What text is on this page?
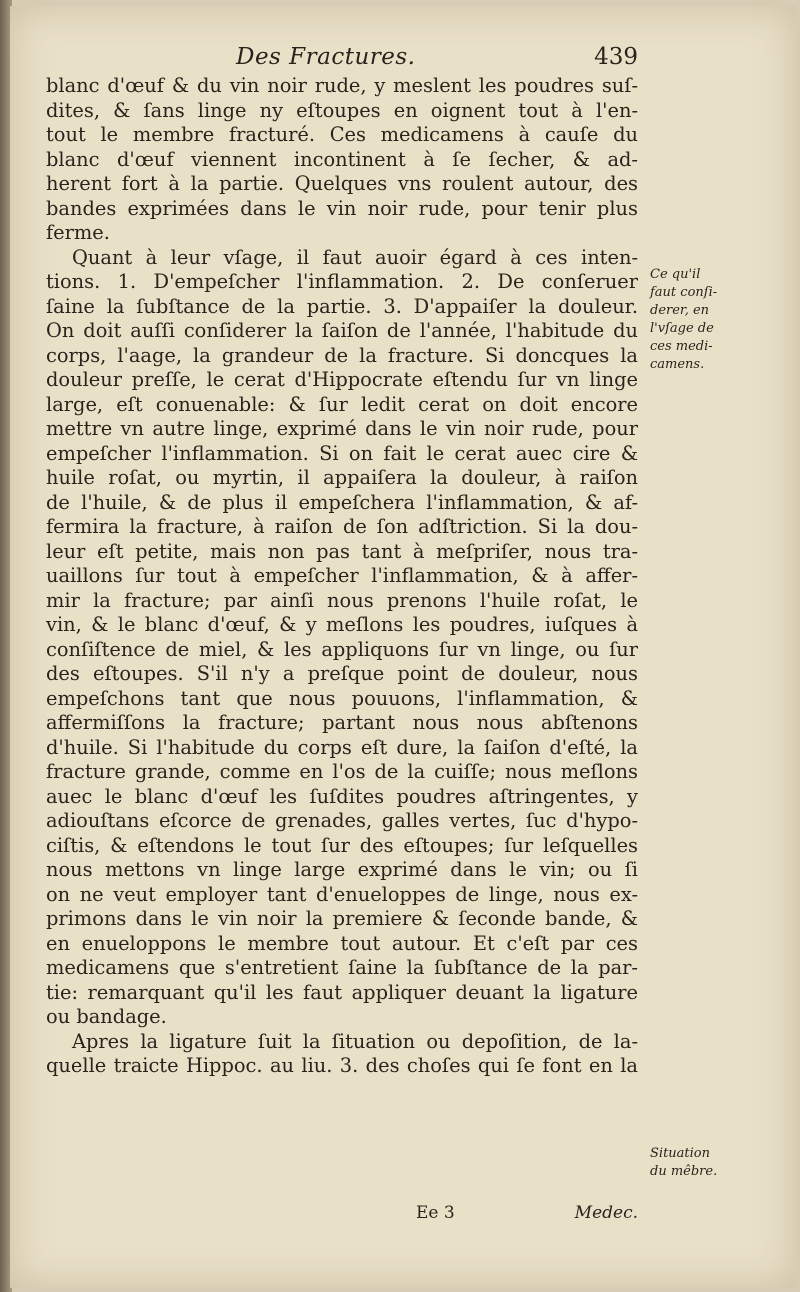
Des Fractures.	439
blanc d'œuf & du vin noir rude, y meslent les poudres suſ-
dites, & ſans linge ny eſtoupes en oignent tout à l'en-
tout le membre fracturé. Ces medicamens à cauſe du
blanc d'œuf viennent incontinent à ſe ſecher, & ad-
herent fort à la partie. Quelques vns roulent autour, des
bandes exprimées dans le vin noir rude, pour tenir plus
ferme.
Quant à leur vſage, il faut auoir égard à ces inten-
tions. 1. D'empeſcher l'inflammation. 2. De conſeruer
ſaine la ſubſtance de la partie. 3. D'appaiſer la douleur.
On doit auſſi conſiderer la ſaiſon de l'année, l'habitude du
corps, l'aage, la grandeur de la fracture. Si doncques la
douleur preſſe, le cerat d'Hippocrate eſtendu ſur vn linge
large, eſt conuenable: & ſur ledit cerat on doit encore
mettre vn autre linge, exprimé dans le vin noir rude, pour
empeſcher l'inflammation. Si on fait le cerat auec cire &
huile roſat, ou myrtin, il appaiſera la douleur, à raiſon
de l'huile, & de plus il empeſchera l'inflammation, & af-
fermira la fracture, à raiſon de ſon adſtriction. Si la dou-
leur eſt petite, mais non pas tant à meſpriſer, nous tra-
uaillons ſur tout à empeſcher l'inflammation, & à affer-
mir la fracture; par ainſi nous prenons l'huile roſat, le
vin, & le blanc d'œuf, & y meſlons les poudres, iuſques à
conſiſtence de miel, & les appliquons ſur vn linge, ou ſur
des eſtoupes. S'il n'y a preſque point de douleur, nous
empeſchons tant que nous pouuons, l'inflammation, &
affermiſſons la fracture; partant nous nous abſtenons
d'huile. Si l'habitude du corps eſt dure, la ſaiſon d'eſté, la
fracture grande, comme en l'os de la cuiſſe; nous meſlons
auec le blanc d'œuf les ſuſdites poudres aſtringentes, y
adiouſtans eſcorce de grenades, galles vertes, ſuc d'hypo-
ciſtis, & eſtendons le tout ſur des eſtoupes; ſur leſquelles
nous mettons vn linge large exprimé dans le vin; ou ſi
on ne veut employer tant d'enueloppes de linge, nous ex-
primons dans le vin noir la premiere & ſeconde bande, &
en enueloppons le membre tout autour. Et c'eſt par ces
medicamens que s'entretient ſaine la ſubſtance de la par-
tie: remarquant qu'il les faut appliquer deuant la ligature
ou bandage.
Apres la ligature ſuit la ſituation ou depoſition, de la-
quelle traicte Hippoc. au liu. 3. des choſes qui ſe font en la
Ce qu'il
faut conſi-
derer, en
l'vſage de
ces medi-
camens.
Situation
du mêbre.
Ee 3	Medec.
